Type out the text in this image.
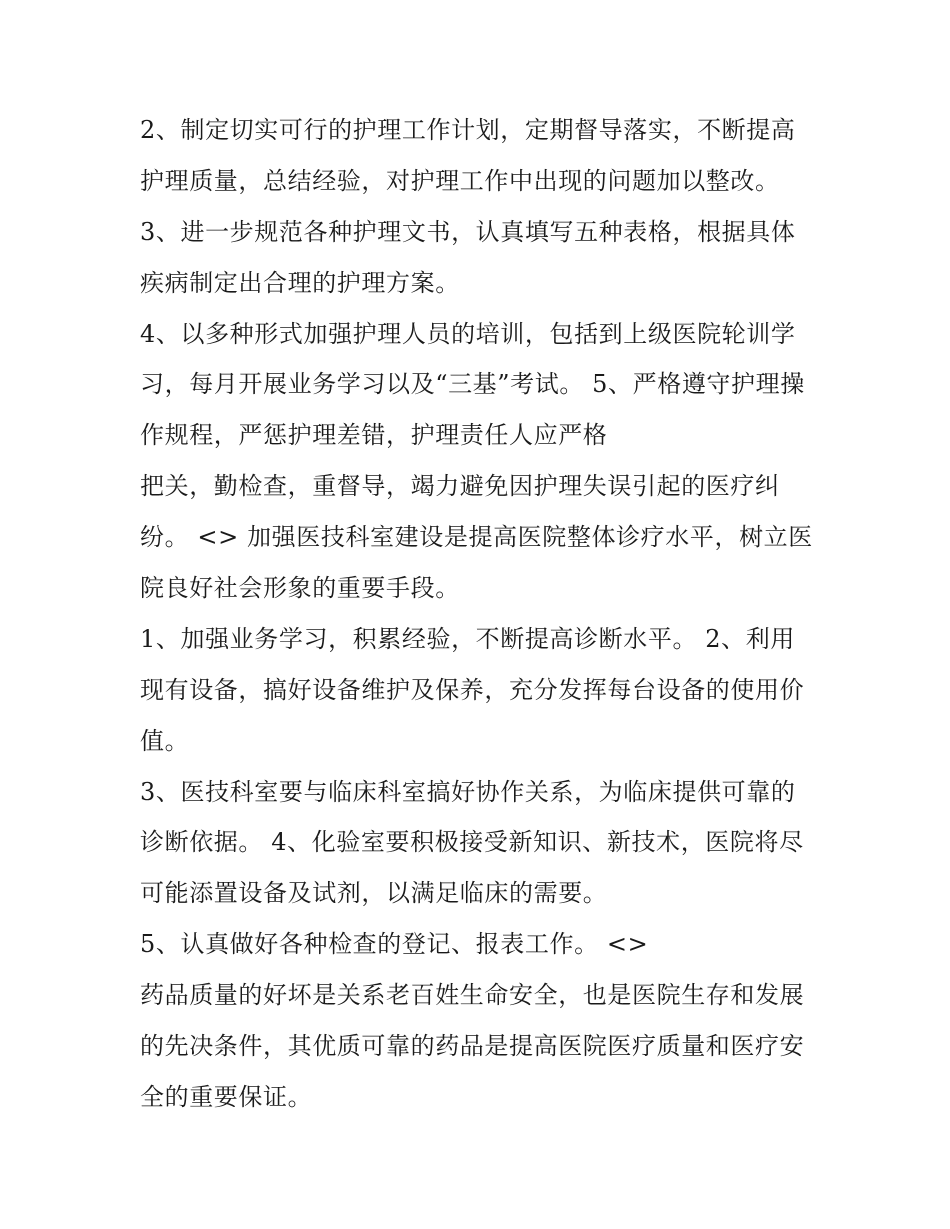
2、制定切实可行的护理工作计划，定期督导落实，不断提高
护理质量，总结经验，对护理工作中出现的问题加以整改。
3、进一步规范各种护理文书，认真填写五种表格，根据具体
疾病制定出合理的护理方案。
4、以多种形式加强护理人员的培训，包括到上级医院轮训学
习，每月开展业务学习以及“三基”考试。 5、严格遵守护理操
作规程，严惩护理差错，护理责任人应严格
把关，勤检查，重督导，竭力避免因护理失误引起的医疗纠
纷。 <> 加强医技科室建设是提高医院整体诊疗水平，树立医
院良好社会形象的重要手段。
1、加强业务学习，积累经验，不断提高诊断水平。 2、利用
现有设备，搞好设备维护及保养，充分发挥每台设备的使用价
值。
3、医技科室要与临床科室搞好协作关系，为临床提供可靠的
诊断依据。 4、化验室要积极接受新知识、新技术，医院将尽
可能添置设备及试剂，以满足临床的需要。
5、认真做好各种检查的登记、报表工作。 <>
药品质量的好坏是关系老百姓生命安全，也是医院生存和发展
的先决条件，其优质可靠的药品是提高医院医疗质量和医疗安
全的重要保证。
